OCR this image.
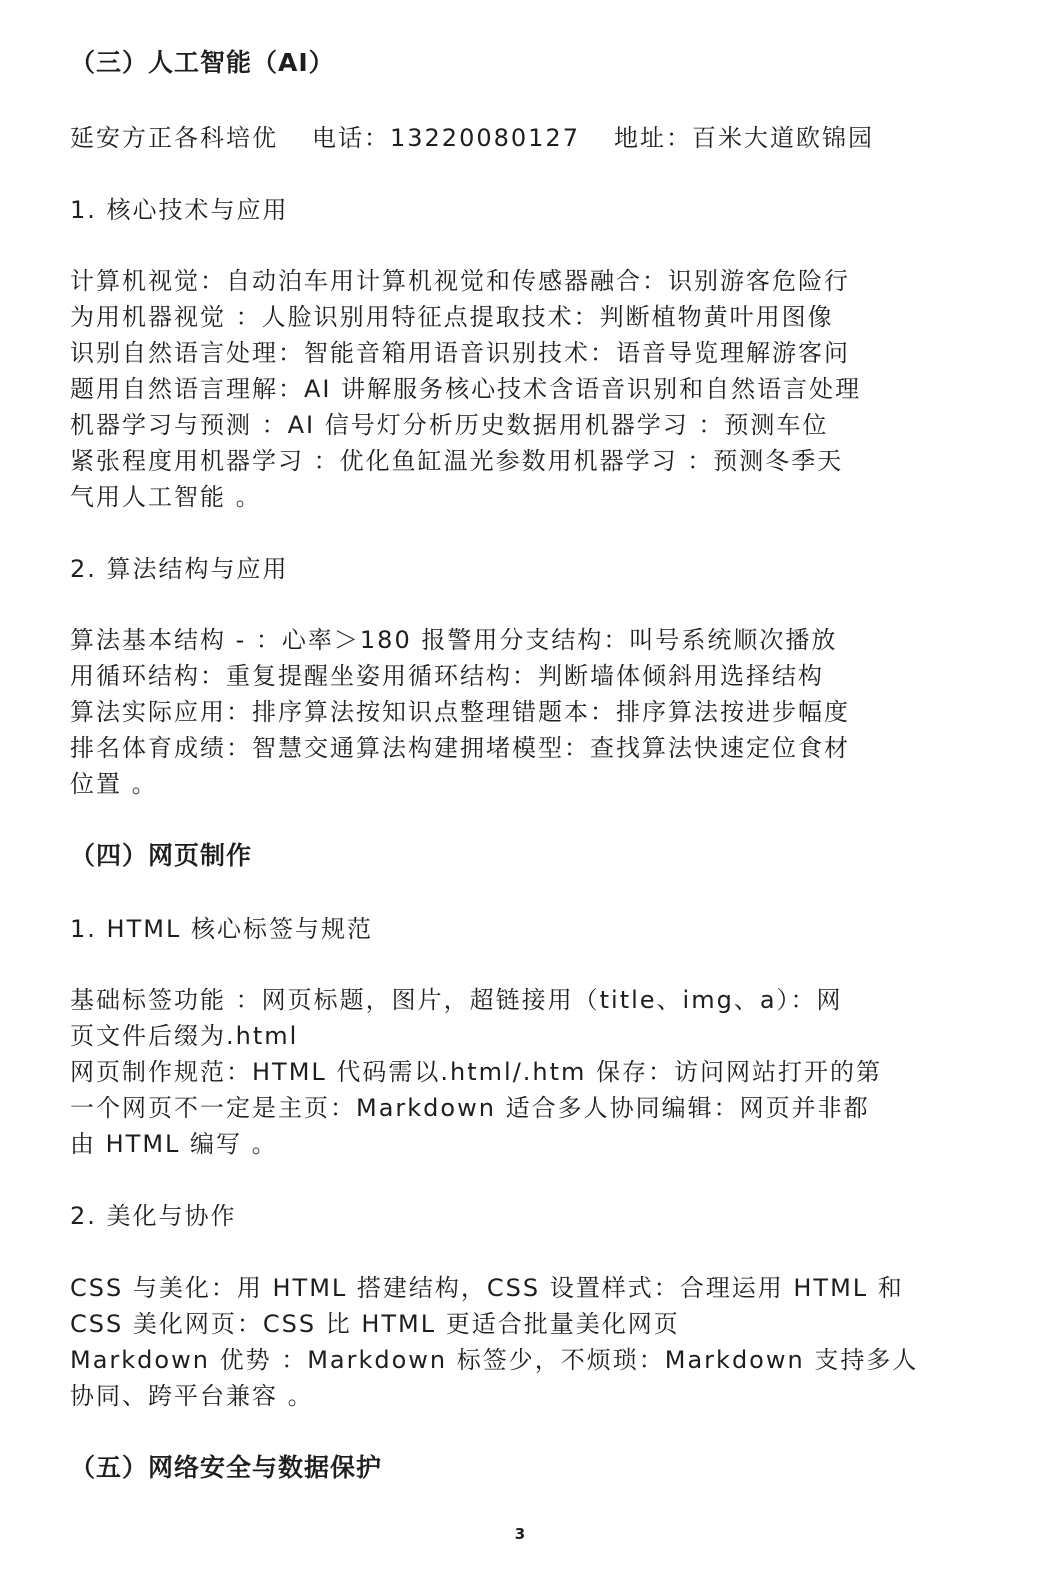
（三）人工智能（AI）
延安方正各科培优 电话：13220080127 地址：百米大道欧锦园
1. 核心技术与应用
计算机视觉：自动泊车用计算机视觉和传感器融合：识别游客危险行
为用机器视觉 ：人脸识别用特征点提取技术：判断植物黄叶用图像
识别自然语言处理：智能音箱用语音识别技术：语音导览理解游客问
题用自然语言理解：AI 讲解服务核心技术含语音识别和自然语言处理
机器学习与预测 ：AI 信号灯分析历史数据用机器学习 ：预测车位
紧张程度用机器学习 ：优化鱼缸温光参数用机器学习 ：预测冬季天
气用人工智能 。
2. 算法结构与应用
算法基本结构 - ：心率＞180 报警用分支结构：叫号系统顺次播放
用循环结构：重复提醒坐姿用循环结构：判断墙体倾斜用选择结构
算法实际应用：排序算法按知识点整理错题本：排序算法按进步幅度
排名体育成绩：智慧交通算法构建拥堵模型：查找算法快速定位食材
位置 。
（四）网页制作
1. HTML 核心标签与规范
基础标签功能 ：网页标题，图片，超链接用（title、img、a）：网
页文件后缀为.html
网页制作规范：HTML 代码需以.html/.htm 保存：访问网站打开的第
一个网页不一定是主页：Markdown 适合多人协同编辑：网页并非都
由 HTML 编写 。
2. 美化与协作
CSS 与美化：用 HTML 搭建结构，CSS 设置样式：合理运用 HTML 和
CSS 美化网页：CSS 比 HTML 更适合批量美化网页
Markdown 优势 ：Markdown 标签少，不烦琐：Markdown 支持多人
协同、跨平台兼容 。
（五）网络安全与数据保护
3
